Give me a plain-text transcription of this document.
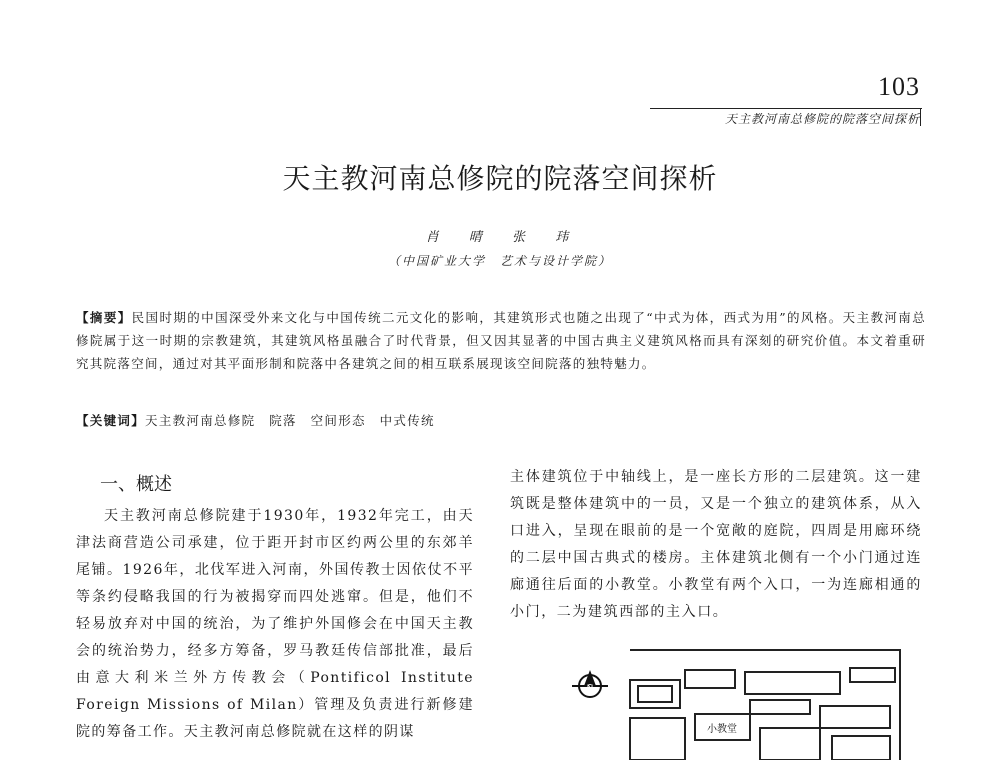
103
天主教河南总修院的院落空间探析
天主教河南总修院的院落空间探析
肖 晴 张 玮
（中国矿业大学　艺术与设计学院）
【摘要】民国时期的中国深受外来文化与中国传统二元文化的影响，其建筑形式也随之出现了“中式为体，西式为用”的风格。天主教河南总修院属于这一时期的宗教建筑，其建筑风格虽融合了时代背景，但又因其显著的中国古典主义建筑风格而具有深刻的研究价值。本文着重研究其院落空间，通过对其平面形制和院落中各建筑之间的相互联系展现该空间院落的独特魅力。
【关键词】天主教河南总修院　院落　空间形态　中式传统
一、概述
天主教河南总修院建于1930年，1932年完工，由天津法商营造公司承建，位于距开封市区约两公里的东郊羊尾铺。1926年，北伐军进入河南，外国传教士因依仗不平等条约侵略我国的行为被揭穿而四处逃窜。但是，他们不轻易放弃对中国的统治，为了维护外国修会在中国天主教会的统治势力，经多方筹备，罗马教廷传信部批准，最后由意大利米兰外方传教会（Pontificol Institute Foreign Missions of Milan）管理及负责进行新修建院的筹备工作。天主教河南总修院就在这样的阴谋
主体建筑位于中轴线上，是一座长方形的二层建筑。这一建筑既是整体建筑中的一员，又是一个独立的建筑体系，从入口进入，呈现在眼前的是一个宽敞的庭院，四周是用廊环绕的二层中国古典式的楼房。主体建筑北侧有一个小门通过连廊通往后面的小教堂。小教堂有两个入口，一为连廊相通的小门，二为建筑西部的主入口。
N
小教堂
